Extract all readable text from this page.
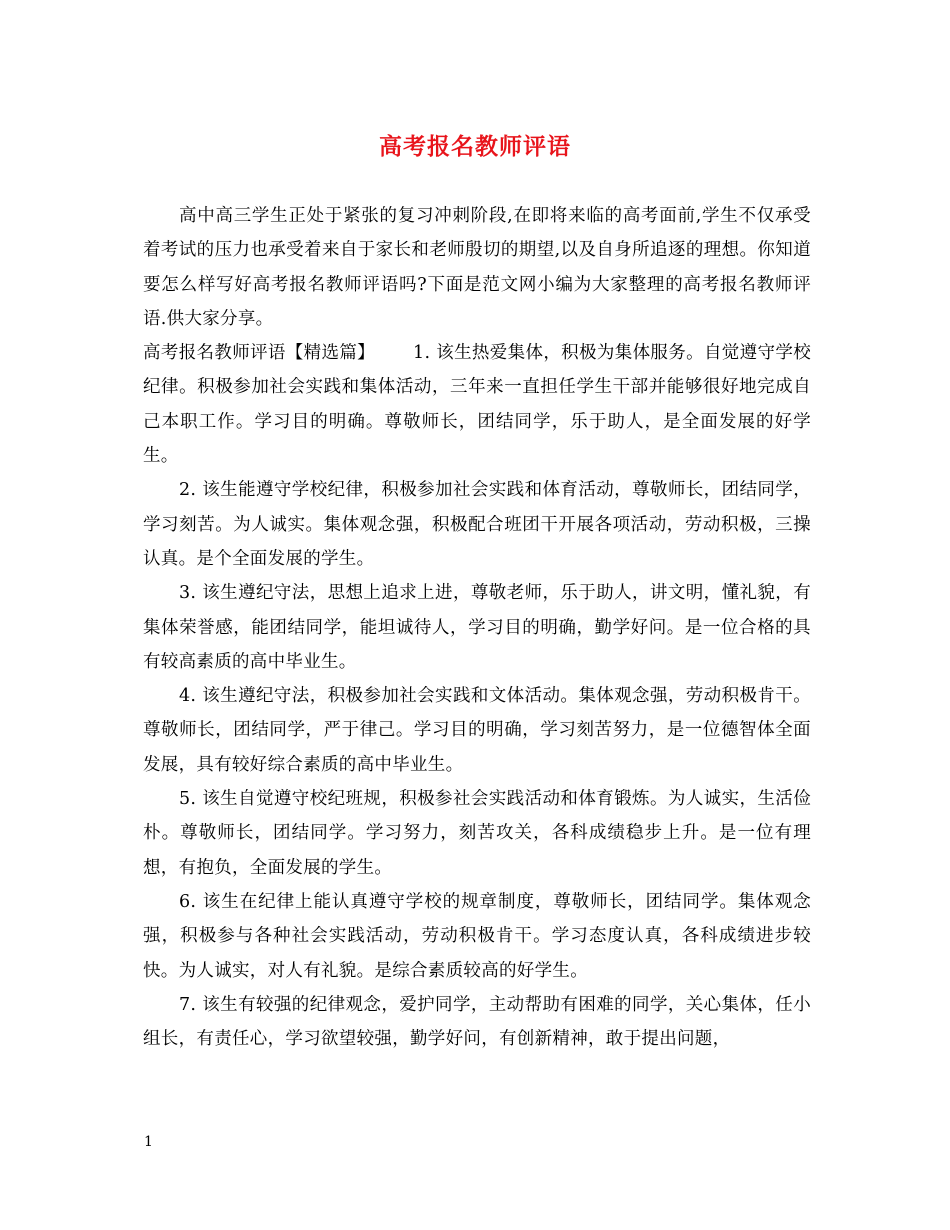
高考报名教师评语

高中高三学生正处于紧张的复习冲刺阶段,在即将来临的高考面前,学生不仅承受着考试的压力也承受着来自于家长和老师殷切的期望,以及自身所追逐的理想。你知道要怎么样写好高考报名教师评语吗?下面是范文网小编为大家整理的高考报名教师评语.供大家分享。

高考报名教师评语【精选篇】 1. 该生热爱集体，积极为集体服务。自觉遵守学校纪律。积极参加社会实践和集体活动，三年来一直担任学生干部并能够很好地完成自己本职工作。学习目的明确。尊敬师长，团结同学，乐于助人，是全面发展的好学生。

2. 该生能遵守学校纪律，积极参加社会实践和体育活动，尊敬师长，团结同学，学习刻苦。为人诚实。集体观念强，积极配合班团干开展各项活动，劳动积极，三操认真。是个全面发展的学生。

3. 该生遵纪守法，思想上追求上进，尊敬老师，乐于助人，讲文明，懂礼貌，有集体荣誉感，能团结同学，能坦诚待人，学习目的明确，勤学好问。是一位合格的具有较高素质的高中毕业生。

4. 该生遵纪守法，积极参加社会实践和文体活动。集体观念强，劳动积极肯干。尊敬师长，团结同学，严于律己。学习目的明确，学习刻苦努力，是一位德智体全面发展，具有较好综合素质的高中毕业生。

5. 该生自觉遵守校纪班规，积极参社会实践活动和体育锻炼。为人诚实，生活俭朴。尊敬师长，团结同学。学习努力，刻苦攻关，各科成绩稳步上升。是一位有理想，有抱负，全面发展的学生。

6. 该生在纪律上能认真遵守学校的规章制度，尊敬师长，团结同学。集体观念强，积极参与各种社会实践活动，劳动积极肯干。学习态度认真，各科成绩进步较快。为人诚实，对人有礼貌。是综合素质较高的好学生。

7. 该生有较强的纪律观念，爱护同学，主动帮助有困难的同学，关心集体，任小组长，有责任心，学习欲望较强，勤学好问，有创新精神，敢于提出问题，

1
